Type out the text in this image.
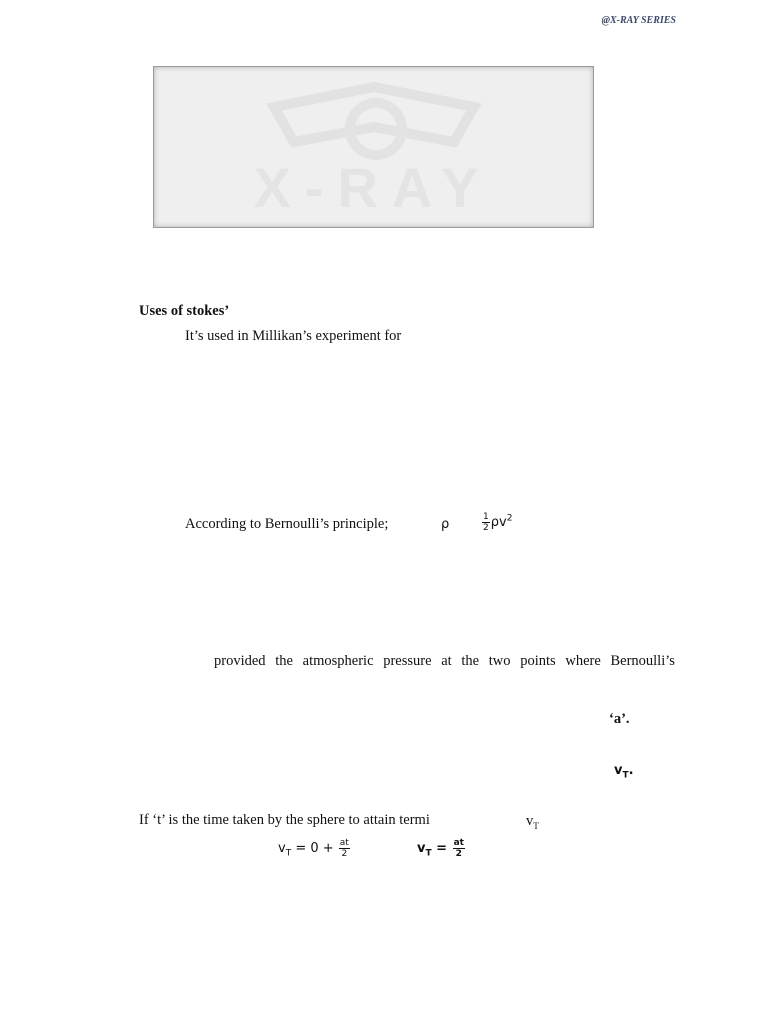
@X-RAY SERIES
X-RAY
Uses of stokes’
It’s used in Millikan’s experiment for
According to Bernoulli’s principle;	ρ	$\frac{1}{2} \rho v^2$
provided the atmospheric pressure at the two points where Bernoulli’s
‘a’.
$v_T$.
If ‘t’ is the time taken by the sphere to attain termi	$v_T$
$v_T = 0 + \frac{at}{2}$	$v_T = \frac{at}{2}$
